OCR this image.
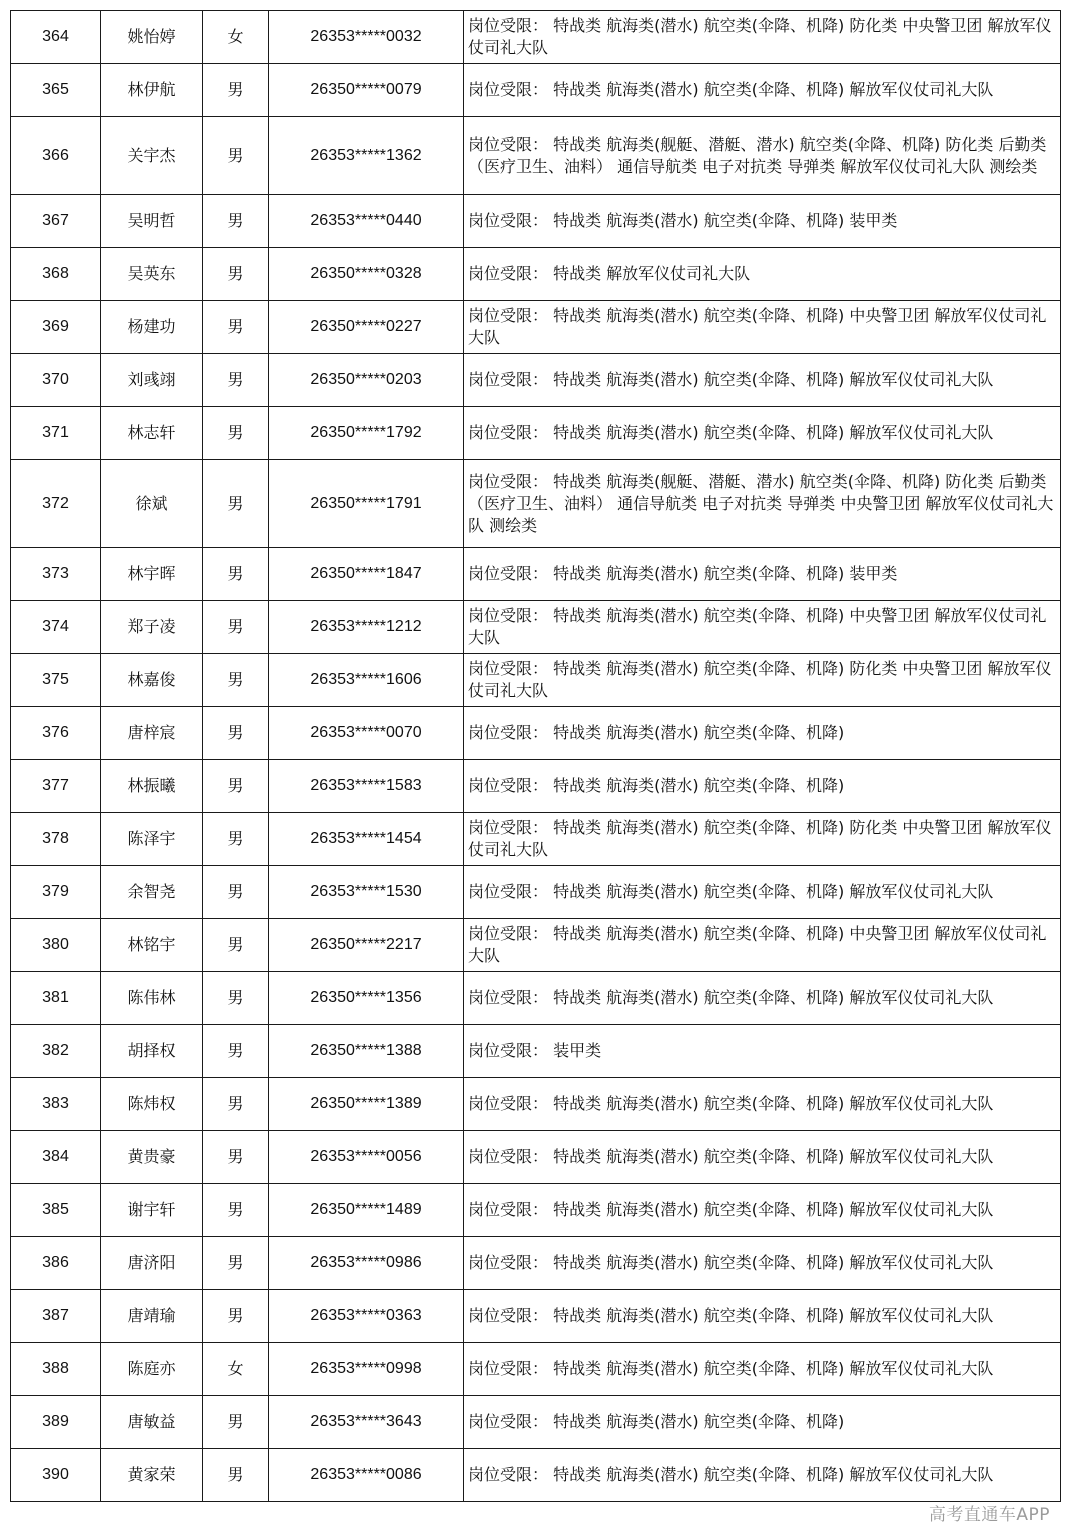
364	姚怡婷	女	26353*****0032	岗位受限： 特战类 航海类(潜水) 航空类(伞降、机降) 防化类 中央警卫团 解放军仪仗司礼大队
365	林伊航	男	26350*****0079	岗位受限： 特战类 航海类(潜水) 航空类(伞降、机降) 解放军仪仗司礼大队
366	关宇杰	男	26353*****1362	岗位受限： 特战类 航海类(舰艇、潜艇、潜水) 航空类(伞降、机降) 防化类 后勤类（医疗卫生、油料） 通信导航类 电子对抗类 导弹类 解放军仪仗司礼大队 测绘类
367	吴明哲	男	26353*****0440	岗位受限： 特战类 航海类(潜水) 航空类(伞降、机降) 装甲类
368	吴英东	男	26350*****0328	岗位受限： 特战类 解放军仪仗司礼大队
369	杨建功	男	26350*****0227	岗位受限： 特战类 航海类(潜水) 航空类(伞降、机降) 中央警卫团 解放军仪仗司礼大队
370	刘彧翊	男	26350*****0203	岗位受限： 特战类 航海类(潜水) 航空类(伞降、机降) 解放军仪仗司礼大队
371	林志轩	男	26350*****1792	岗位受限： 特战类 航海类(潜水) 航空类(伞降、机降) 解放军仪仗司礼大队
372	徐斌	男	26350*****1791	岗位受限： 特战类 航海类(舰艇、潜艇、潜水) 航空类(伞降、机降) 防化类 后勤类（医疗卫生、油料） 通信导航类 电子对抗类 导弹类 中央警卫团 解放军仪仗司礼大队 测绘类
373	林宇晖	男	26350*****1847	岗位受限： 特战类 航海类(潜水) 航空类(伞降、机降) 装甲类
374	郑子凌	男	26353*****1212	岗位受限： 特战类 航海类(潜水) 航空类(伞降、机降) 中央警卫团 解放军仪仗司礼大队
375	林嘉俊	男	26353*****1606	岗位受限： 特战类 航海类(潜水) 航空类(伞降、机降) 防化类 中央警卫团 解放军仪仗司礼大队
376	唐梓宸	男	26353*****0070	岗位受限： 特战类 航海类(潜水) 航空类(伞降、机降)
377	林振曦	男	26353*****1583	岗位受限： 特战类 航海类(潜水) 航空类(伞降、机降)
378	陈泽宇	男	26353*****1454	岗位受限： 特战类 航海类(潜水) 航空类(伞降、机降) 防化类 中央警卫团 解放军仪仗司礼大队
379	余智尧	男	26353*****1530	岗位受限： 特战类 航海类(潜水) 航空类(伞降、机降) 解放军仪仗司礼大队
380	林铭宇	男	26350*****2217	岗位受限： 特战类 航海类(潜水) 航空类(伞降、机降) 中央警卫团 解放军仪仗司礼大队
381	陈伟林	男	26350*****1356	岗位受限： 特战类 航海类(潜水) 航空类(伞降、机降) 解放军仪仗司礼大队
382	胡择权	男	26350*****1388	岗位受限： 装甲类
383	陈炜权	男	26350*****1389	岗位受限： 特战类 航海类(潜水) 航空类(伞降、机降) 解放军仪仗司礼大队
384	黄贵豪	男	26353*****0056	岗位受限： 特战类 航海类(潜水) 航空类(伞降、机降) 解放军仪仗司礼大队
385	谢宇轩	男	26350*****1489	岗位受限： 特战类 航海类(潜水) 航空类(伞降、机降) 解放军仪仗司礼大队
386	唐济阳	男	26353*****0986	岗位受限： 特战类 航海类(潜水) 航空类(伞降、机降) 解放军仪仗司礼大队
387	唐靖瑜	男	26353*****0363	岗位受限： 特战类 航海类(潜水) 航空类(伞降、机降) 解放军仪仗司礼大队
388	陈庭亦	女	26353*****0998	岗位受限： 特战类 航海类(潜水) 航空类(伞降、机降) 解放军仪仗司礼大队
389	唐敏益	男	26353*****3643	岗位受限： 特战类 航海类(潜水) 航空类(伞降、机降)
390	黄家荣	男	26353*****0086	岗位受限： 特战类 航海类(潜水) 航空类(伞降、机降) 解放军仪仗司礼大队
高考直通车APP
